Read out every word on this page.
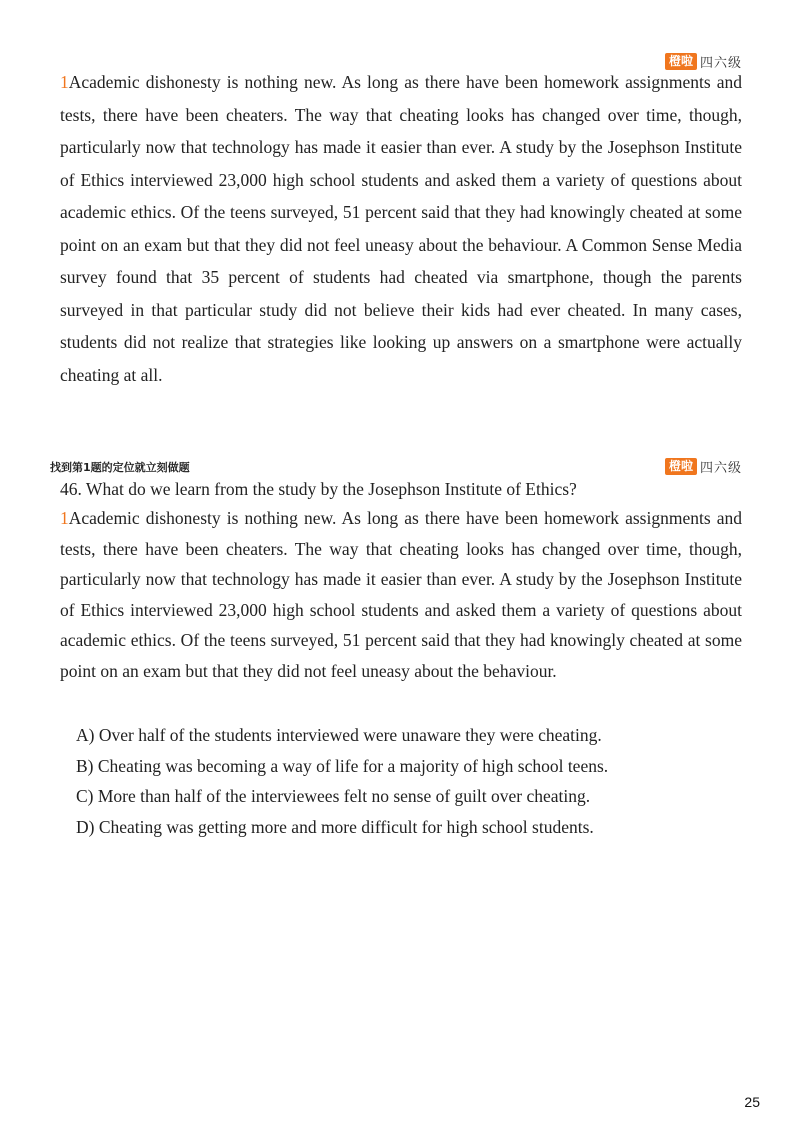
橙啦 四六级

1Academic dishonesty is nothing new. As long as there have been homework assignments and tests, there have been cheaters. The way that cheating looks has changed over time, though, particularly now that technology has made it easier than ever. A study by the Josephson Institute of Ethics interviewed 23,000 high school students and asked them a variety of questions about academic ethics. Of the teens surveyed, 51 percent said that they had knowingly cheated at some point on an exam but that they did not feel uneasy about the behaviour. A Common Sense Media survey found that 35 percent of students had cheated via smartphone, though the parents surveyed in that particular study did not believe their kids had ever cheated. In many cases, students did not realize that strategies like looking up answers on a smartphone were actually cheating at all.

找到第1题的定位就立刻做题	橙啦 四六级

46. What do we learn from the study by the Josephson Institute of Ethics?

1Academic dishonesty is nothing new. As long as there have been homework assignments and tests, there have been cheaters. The way that cheating looks has changed over time, though, particularly now that technology has made it easier than ever. A study by the Josephson Institute of Ethics interviewed 23,000 high school students and asked them a variety of questions about academic ethics. Of the teens surveyed, 51 percent said that they had knowingly cheated at some point on an exam but that they did not feel uneasy about the behaviour.

A) Over half of the students interviewed were unaware they were cheating.
B) Cheating was becoming a way of life for a majority of high school teens.
C) More than half of the interviewees felt no sense of guilt over cheating.
D) Cheating was getting more and more difficult for high school students.
25
